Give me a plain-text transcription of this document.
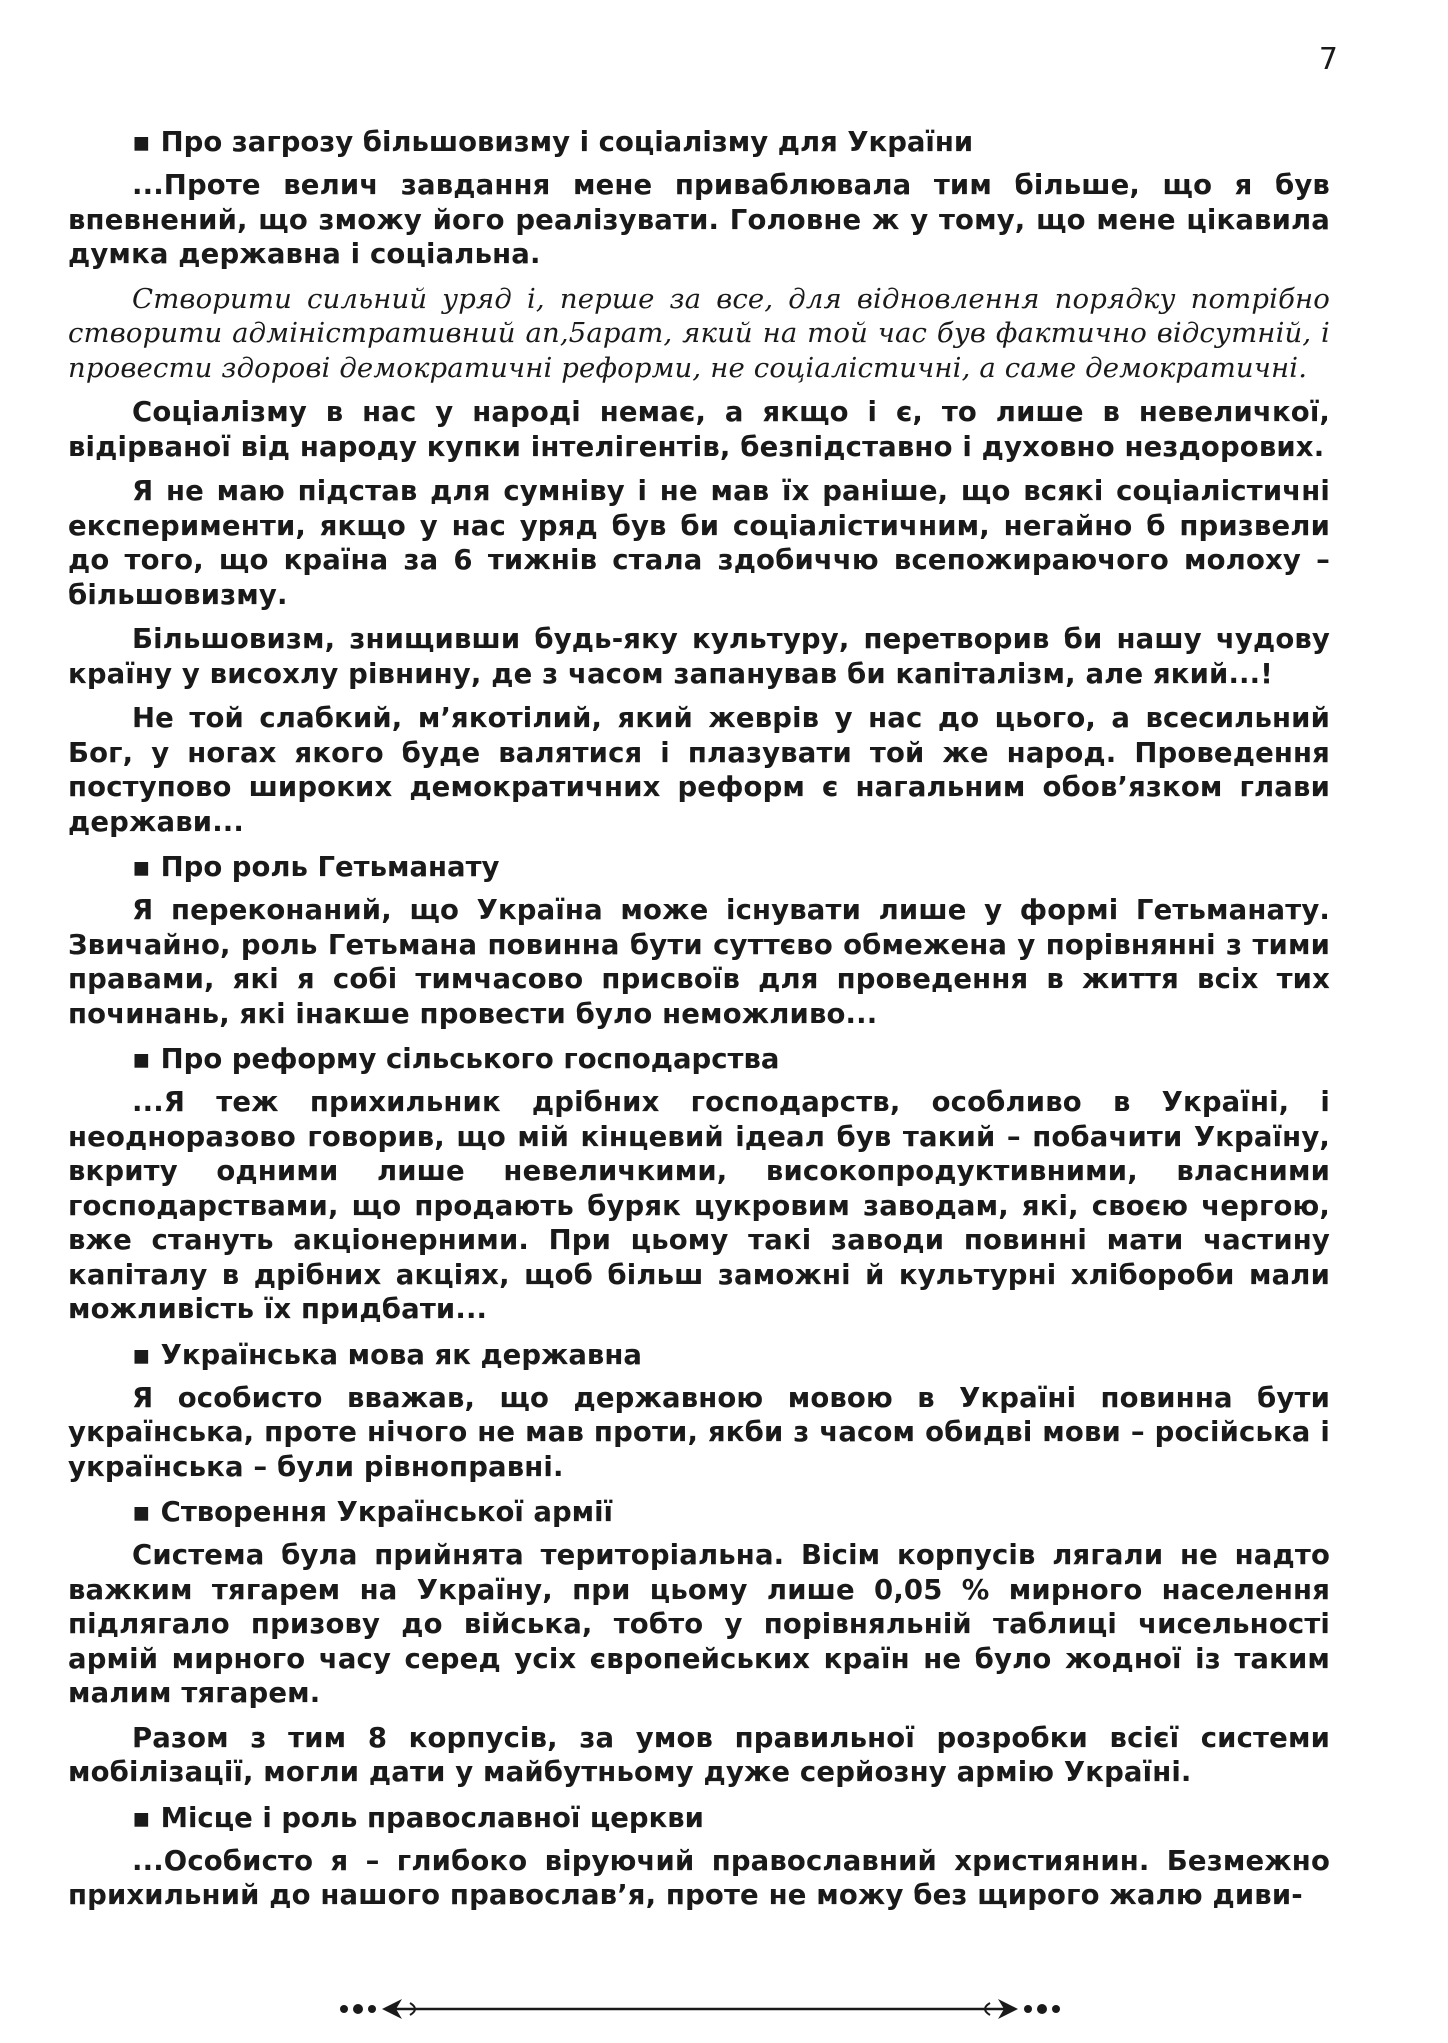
7
▪ Про загрозу більшовизму і соціалізму для України

...Проте велич завдання мене приваблювала тим більше, що я був впевнений, що зможу його реалізувати. Головне ж у тому, що мене цікавила думка державна і соціальна.

Створити сильний уряд і, перше за все, для відновлення порядку потрібно створити адміністративний ап,5арат, який на той час був фактично відсутній, і провести здорові демократичні реформи, не соціалістичні, а саме демократичні.

Соціалізму в нас у народі немає, а якщо і є, то лише в невеличкої, відірваної від народу купки інтелігентів, безпідставно і духовно нездорових.

Я не маю підстав для сумніву і не мав їх раніше, що всякі соціалістичні експерименти, якщо у нас уряд був би соціалістичним, негайно б призвели до того, що країна за 6 тижнів стала здобиччю всепожираючого молоху – більшовизму.

Більшовизм, знищивши будь-яку культуру, перетворив би нашу чудову країну у висохлу рівнину, де з часом запанував би капіталізм, але який...!

Не той слабкий, м’якотілий, який жеврів у нас до цього, а всесильний Бог, у ногах якого буде валятися і плазувати той же народ. Проведення поступово широких демократичних реформ є нагальним обов’язком глави держави...

▪ Про роль Гетьманату

Я переконаний, що Україна може існувати лише у формі Гетьманату. Звичайно, роль Гетьмана повинна бути суттєво обмежена у порівнянні з тими правами, які я собі тимчасово присвоїв для проведення в життя всіх тих починань, які інакше провести було неможливо...

▪ Про реформу сільського господарства

...Я теж прихильник дрібних господарств, особливо в Україні, і неодноразово говорив, що мій кінцевий ідеал був такий – побачити Україну, вкриту одними лише невеличкими, високопродуктивними, власними господарствами, що продають буряк цукровим заводам, які, своєю чергою, вже стануть акціонерними. При цьому такі заводи повинні мати частину капіталу в дрібних акціях, щоб більш заможні й культурні хлібороби мали можливість їх придбати...

▪ Українська мова як державна

Я особисто вважав, що державною мовою в Україні повинна бути українська, проте нічого не мав проти, якби з часом обидві мови – російська і українська – були рівноправні.

▪ Створення Української армії

Система була прийнята територіальна. Вісім корпусів лягали не надто важким тягарем на Україну, при цьому лише 0,05 % мирного населення підлягало призову до війська, тобто у порівняльній таблиці чисельності армій мирного часу серед усіх європейських країн не було жодної із таким малим тягарем.

Разом з тим 8 корпусів, за умов правильної розробки всієї системи мобілізації, могли дати у майбутньому дуже серйозну армію Україні.

▪ Місце і роль православної церкви

...Особисто я – глибоко віруючий православний християнин. Безмежно прихильний до нашого православ’я, проте не можу без щирого жалю диви-
